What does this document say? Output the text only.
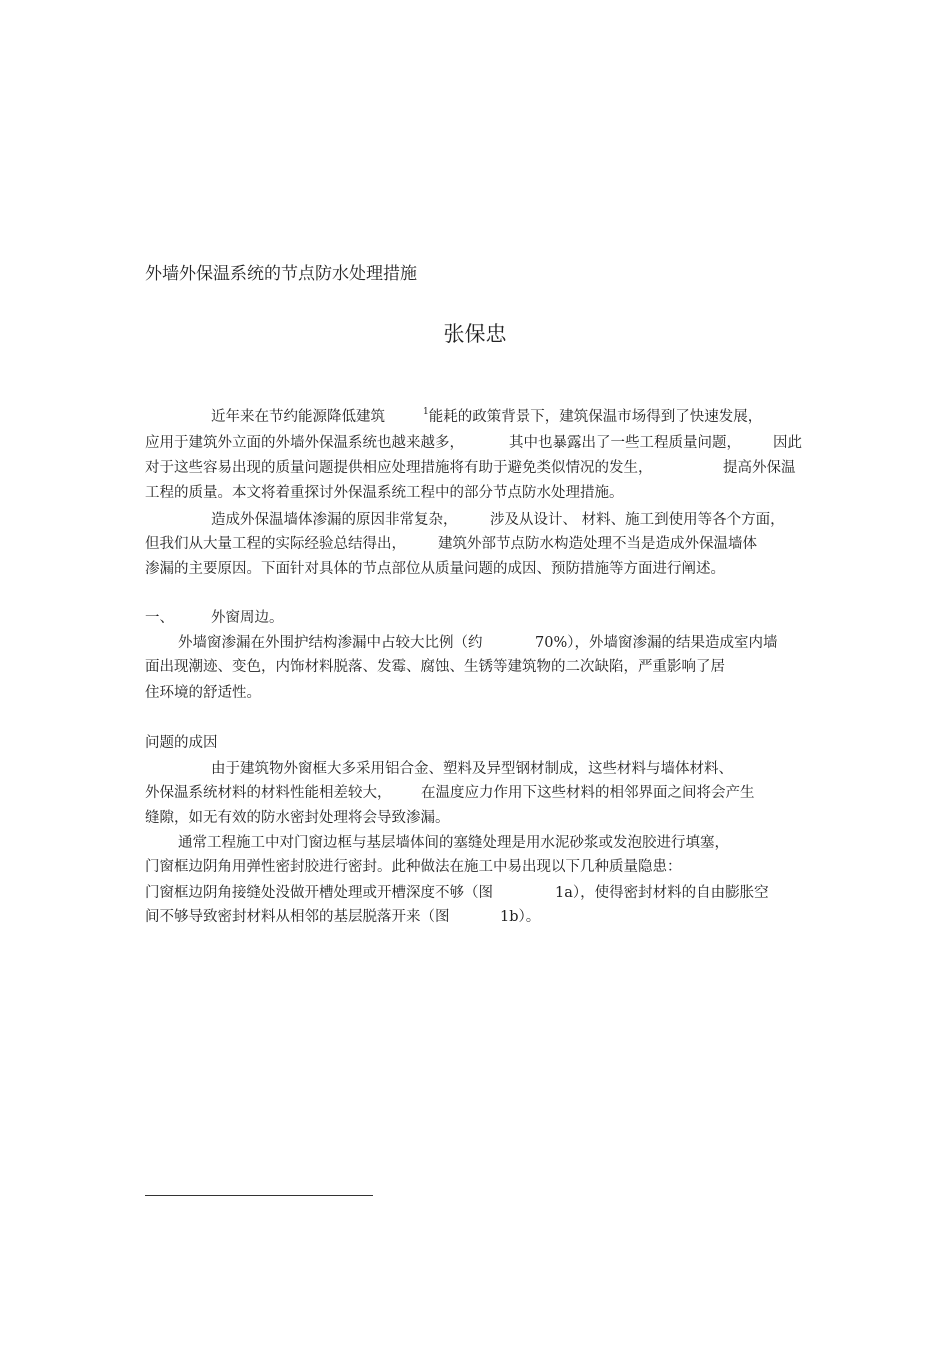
外墙外保温系统的节点防水处理措施
张保忠
近年来在节约能源降低建筑	$^1$能耗的政策背景下，建筑保温市场得到了快速发展，
应用于建筑外立面的外墙外保温系统也越来越多，	其中也暴露出了一些工程质量问题， 因此
对于这些容易出现的质量问题提供相应处理措施将有助于避免类似情况的发生，	提高外保温
工程的质量。本文将着重探讨外保温系统工程中的部分节点防水处理措施。
造成外保温墙体渗漏的原因非常复杂， 涉及从设计、 材料、施工到使用等各个方面，
但我们从大量工程的实际经验总结得出， 建筑外部节点防水构造处理不当是造成外保温墙体
渗漏的主要原因。下面针对具体的节点部位从质量问题的成因、预防措施等方面进行阐述。
一、	外窗周边。
外墙窗渗漏在外围护结构渗漏中占较大比例（约	70%），外墙窗渗漏的结果造成室内墙
面出现潮迹、变色，内饰材料脱落、发霉、腐蚀、生锈等建筑物的二次缺陷，严重影响了居
住环境的舒适性。
问题的成因
由于建筑物外窗框大多采用铝合金、塑料及异型钢材制成，这些材料与墙体材料、
外保温系统材料的材料性能相差较大， 在温度应力作用下这些材料的相邻界面之间将会产生
缝隙，如无有效的防水密封处理将会导致渗漏。
通常工程施工中对门窗边框与基层墙体间的塞缝处理是用水泥砂浆或发泡胶进行填塞，
门窗框边阴角用弹性密封胶进行密封。此种做法在施工中易出现以下几种质量隐患：
门窗框边阴角接缝处没做开槽处理或开槽深度不够（图	1a），使得密封材料的自由膨胀空
间不够导致密封材料从相邻的基层脱落开来（图	1b）。
